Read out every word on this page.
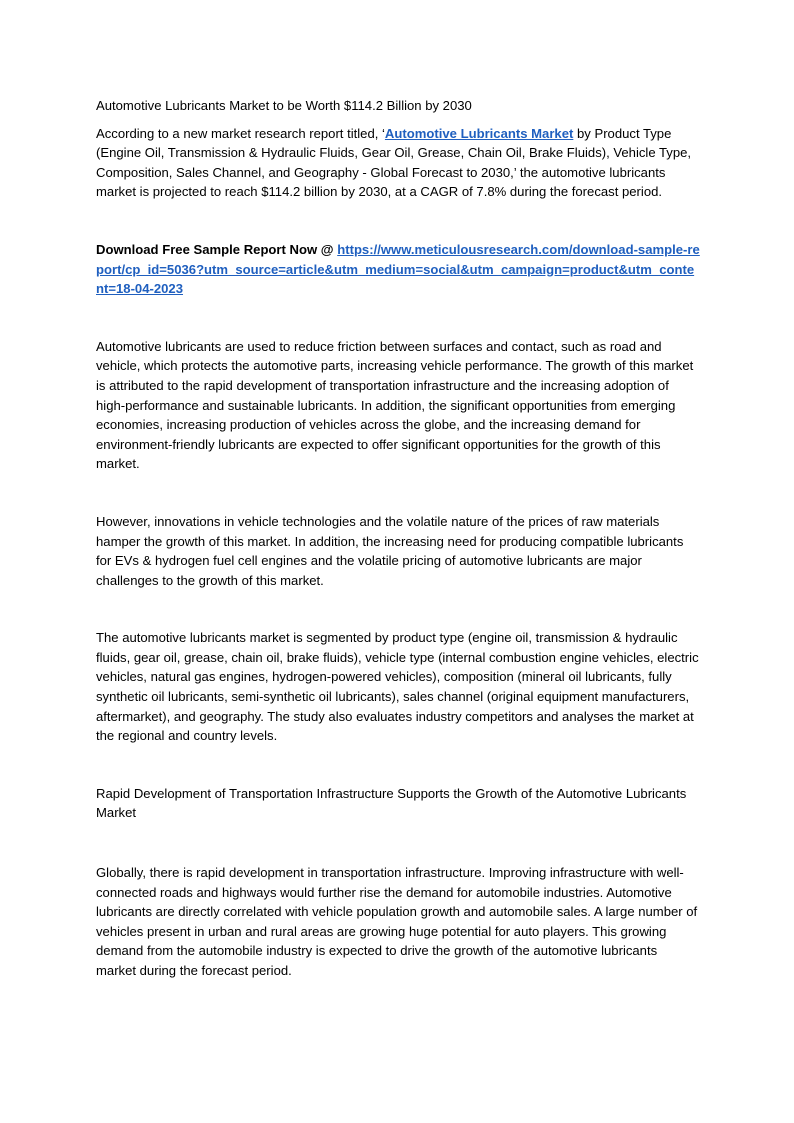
Automotive Lubricants Market to be Worth $114.2 Billion by 2030

According to a new market research report titled, ‘Automotive Lubricants Market by Product Type (Engine Oil, Transmission & Hydraulic Fluids, Gear Oil, Grease, Chain Oil, Brake Fluids), Vehicle Type, Composition, Sales Channel, and Geography - Global Forecast to 2030,’ the automotive lubricants market is projected to reach $114.2 billion by 2030, at a CAGR of 7.8% during the forecast period.

Download Free Sample Report Now @ https://www.meticulousresearch.com/download-sample-report/cp_id=5036?utm_source=article&utm_medium=social&utm_campaign=product&utm_content=18-04-2023

Automotive lubricants are used to reduce friction between surfaces and contact, such as road and vehicle, which protects the automotive parts, increasing vehicle performance. The growth of this market is attributed to the rapid development of transportation infrastructure and the increasing adoption of high-performance and sustainable lubricants. In addition, the significant opportunities from emerging economies, increasing production of vehicles across the globe, and the increasing demand for environment-friendly lubricants are expected to offer significant opportunities for the growth of this market.

However, innovations in vehicle technologies and the volatile nature of the prices of raw materials hamper the growth of this market. In addition, the increasing need for producing compatible lubricants for EVs & hydrogen fuel cell engines and the volatile pricing of automotive lubricants are major challenges to the growth of this market.

The automotive lubricants market is segmented by product type (engine oil, transmission & hydraulic fluids, gear oil, grease, chain oil, brake fluids), vehicle type (internal combustion engine vehicles, electric vehicles, natural gas engines, hydrogen-powered vehicles), composition (mineral oil lubricants, fully synthetic oil lubricants, semi-synthetic oil lubricants), sales channel (original equipment manufacturers, aftermarket), and geography. The study also evaluates industry competitors and analyses the market at the regional and country levels.

Rapid Development of Transportation Infrastructure Supports the Growth of the Automotive Lubricants Market

Globally, there is rapid development in transportation infrastructure. Improving infrastructure with well-connected roads and highways would further rise the demand for automobile industries. Automotive lubricants are directly correlated with vehicle population growth and automobile sales. A large number of vehicles present in urban and rural areas are growing huge potential for auto players. This growing demand from the automobile industry is expected to drive the growth of the automotive lubricants market during the forecast period.
